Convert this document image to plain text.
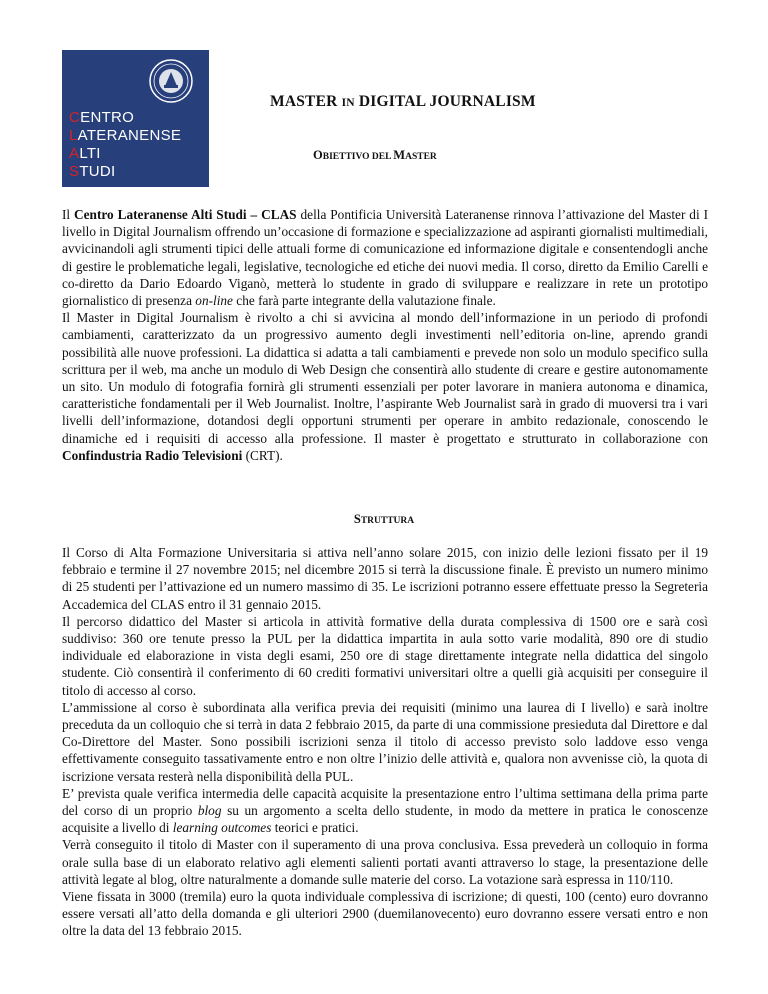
CENTRO
LATERANENSE
ALTI
STUDI
MASTER IN DIGITAL JOURNALISM
OBIETTIVO DEL MASTER

Il Centro Lateranense Alti Studi – CLAS della Pontificia Università Lateranense rinnova l’attivazione del Master di I livello in Digital Journalism offrendo un’occasione di formazione e specializzazione ad aspiranti giornalisti multimediali, avvicinandoli agli strumenti tipici delle attuali forme di comunicazione ed informazione digitale e consentendogli anche di gestire le problematiche legali, legislative, tecnologiche ed etiche dei nuovi media. Il corso, diretto da Emilio Carelli e co-diretto da Dario Edoardo Viganò, metterà lo studente in grado di sviluppare e realizzare in rete un prototipo giornalistico di presenza on-line che farà parte integrante della valutazione finale.

Il Master in Digital Journalism è rivolto a chi si avvicina al mondo dell’informazione in un periodo di profondi cambiamenti, caratterizzato da un progressivo aumento degli investimenti nell’editoria on-line, aprendo grandi possibilità alle nuove professioni. La didattica si adatta a tali cambiamenti e prevede non solo un modulo specifico sulla scrittura per il web, ma anche un modulo di Web Design che consentirà allo studente di creare e gestire autonomamente un sito. Un modulo di fotografia fornirà gli strumenti essenziali per poter lavorare in maniera autonoma e dinamica, caratteristiche fondamentali per il Web Journalist. Inoltre, l’aspirante Web Journalist sarà in grado di muoversi tra i vari livelli dell’informazione, dotandosi degli opportuni strumenti per operare in ambito redazionale, conoscendo le dinamiche ed i requisiti di accesso alla professione. Il master è progettato e strutturato in collaborazione con Confindustria Radio Televisioni (CRT).

STRUTTURA

Il Corso di Alta Formazione Universitaria si attiva nell’anno solare 2015, con inizio delle lezioni fissato per il 19 febbraio e termine il 27 novembre 2015; nel dicembre 2015 si terrà la discussione finale. È previsto un numero minimo di 25 studenti per l’attivazione ed un numero massimo di 35. Le iscrizioni potranno essere effettuate presso la Segreteria Accademica del CLAS entro il 31 gennaio 2015.

Il percorso didattico del Master si articola in attività formative della durata complessiva di 1500 ore e sarà così suddiviso: 360 ore tenute presso la PUL per la didattica impartita in aula sotto varie modalità, 890 ore di studio individuale ed elaborazione in vista degli esami, 250 ore di stage direttamente integrate nella didattica del singolo studente. Ciò consentirà il conferimento di 60 crediti formativi universitari oltre a quelli già acquisiti per conseguire il titolo di accesso al corso.

L’ammissione al corso è subordinata alla verifica previa dei requisiti (minimo una laurea di I livello) e sarà inoltre preceduta da un colloquio che si terrà in data 2 febbraio 2015, da parte di una commissione presieduta dal Direttore e dal Co-Direttore del Master. Sono possibili iscrizioni senza il titolo di accesso previsto solo laddove esso venga effettivamente conseguito tassativamente entro e non oltre l’inizio delle attività e, qualora non avvenisse ciò, la quota di iscrizione versata resterà nella disponibilità della PUL.

E’ prevista quale verifica intermedia delle capacità acquisite la presentazione entro l’ultima settimana della prima parte del corso di un proprio blog su un argomento a scelta dello studente, in modo da mettere in pratica le conoscenze acquisite a livello di learning outcomes teorici e pratici.

Verrà conseguito il titolo di Master con il superamento di una prova conclusiva. Essa prevederà un colloquio in forma orale sulla base di un elaborato relativo agli elementi salienti portati avanti attraverso lo stage, la presentazione delle attività legate al blog, oltre naturalmente a domande sulle materie del corso. La votazione sarà espressa in 110/110.

Viene fissata in 3000 (tremila) euro la quota individuale complessiva di iscrizione; di questi, 100 (cento) euro dovranno essere versati all’atto della domanda e gli ulteriori 2900 (duemilanovecento) euro dovranno essere versati entro e non oltre la data del 13 febbraio 2015.
